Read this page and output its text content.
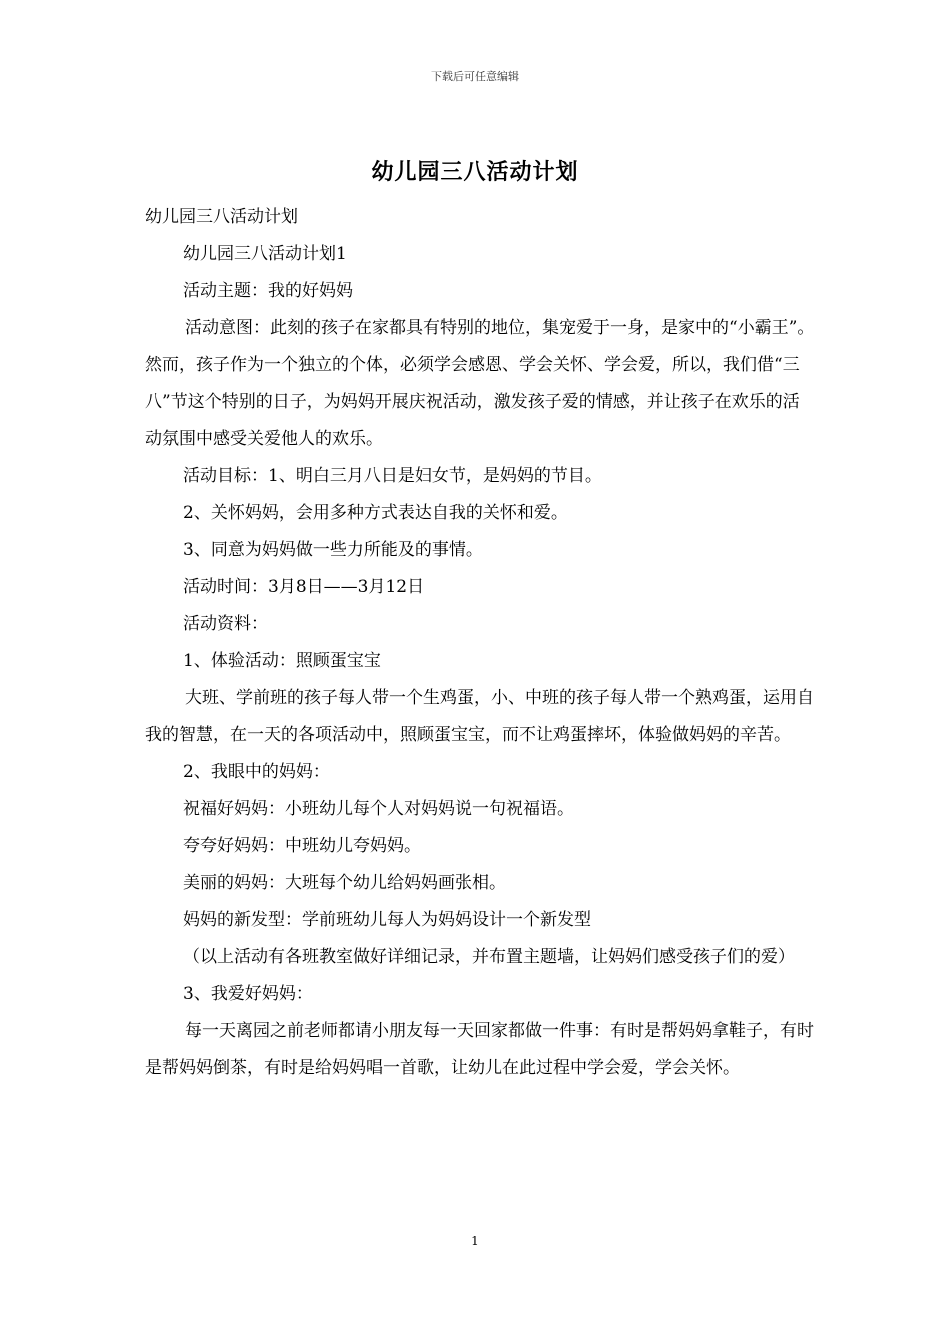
下载后可任意编辑
幼儿园三八活动计划

幼儿园三八活动计划

幼儿园三八活动计划1

活动主题：我的好妈妈

活动意图：此刻的孩子在家都具有特别的地位，集宠爱于一身，是家中的“小霸王”。然而，孩子作为一个独立的个体，必须学会感恩、学会关怀、学会爱，所以，我们借“三八”节这个特别的日子，为妈妈开展庆祝活动，激发孩子爱的情感，并让孩子在欢乐的活动氛围中感受关爱他人的欢乐。

活动目标：1、明白三月八日是妇女节，是妈妈的节目。

2、关怀妈妈，会用多种方式表达自我的关怀和爱。

3、同意为妈妈做一些力所能及的事情。

活动时间：3月8日——3月12日

活动资料：

1、体验活动：照顾蛋宝宝

大班、学前班的孩子每人带一个生鸡蛋，小、中班的孩子每人带一个熟鸡蛋，运用自我的智慧，在一天的各项活动中，照顾蛋宝宝，而不让鸡蛋摔坏，体验做妈妈的辛苦。

2、我眼中的妈妈：

祝福好妈妈：小班幼儿每个人对妈妈说一句祝福语。

夸夸好妈妈：中班幼儿夸妈妈。

美丽的妈妈：大班每个幼儿给妈妈画张相。

妈妈的新发型：学前班幼儿每人为妈妈设计一个新发型

（以上活动有各班教室做好详细记录，并布置主题墙，让妈妈们感受孩子们的爱）

3、我爱好妈妈：

每一天离园之前老师都请小朋友每一天回家都做一件事：有时是帮妈妈拿鞋子，有时是帮妈妈倒茶，有时是给妈妈唱一首歌，让幼儿在此过程中学会爱，学会关怀。

1
